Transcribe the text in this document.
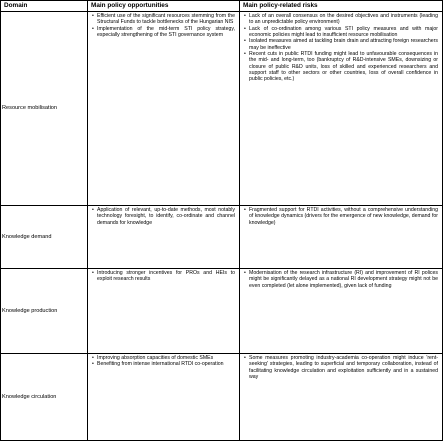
Domain	Main policy opportunities	Main policy-related risks
Resource mobilisation
• Efficient use of the significant resources stemming from the Structural Funds to tackle bottlenecks of the Hungarian NIS
• Implementation of the mid-term STI policy strategy, especially strengthening of the STI governance system
• Lack of an overall consensus on the desired objectives and instruments (leading to an unpredictable policy environment)
• Lack of co-ordination among various STI policy measures and with major economic policies might lead to insufficient resource mobilisation
• Isolated measures aimed at tackling brain drain and attracting foreign researchers may be ineffective
• Recent cuts in public RTDI funding might lead to unfavourable consequences in the mid- and long-term, too (bankruptcy of R&D-intensive SMEs, downsizing or closure of public R&D units, loss of skilled and experienced researchers and support staff to other sectors or other countries, loss of overall confidence in public policies, etc.)
Knowledge demand
• Application of relevant, up-to-date methods, most notably technology foresight, to identify, co-ordinate and channel demands for knowledge
• Fragmented support for RTDI activities, without a comprehensive understanding of knowledge dynamics (drivers for the emergence of new knowledge, demand for knowledge)
Knowledge production
• Introducing stronger incentives for PROs and HEIs to exploit research results
• Modernisation of the research infrastructure (RI) and improvement of RI polices might be significantly delayed as a national RI development strategy might not be even completed (let alone implemented), given lack of funding
Knowledge circulation
• Improving absorption capacities of domestic SMEs
• Benefiting from intense international RTDI co-operation
• Some measures promoting industry-academia co-operation might induce 'rent-seeking' strategies, leading to superficial and temporary collaboration, instead of facilitating knowledge circulation and exploitation sufficiently and in a sustained way
